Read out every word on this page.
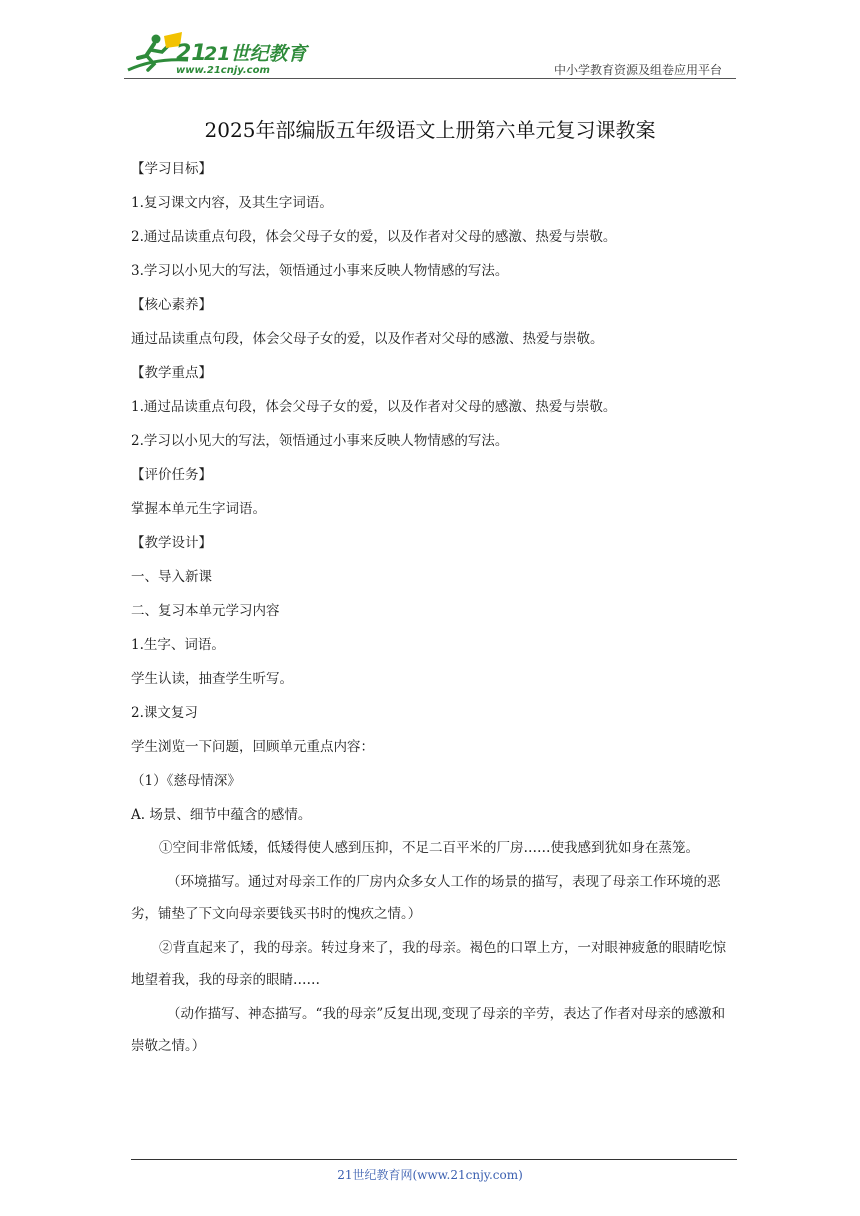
21
21世纪教育
www.21cnjy.com	中小学教育资源及组卷应用平台
2025年部编版五年级语文上册第六单元复习课教案

【学习目标】

1.复习课文内容，及其生字词语。

2.通过品读重点句段，体会父母子女的爱，以及作者对父母的感激、热爱与崇敬。

3.学习以小见大的写法，领悟通过小事来反映人物情感的写法。

【核心素养】

通过品读重点句段，体会父母子女的爱，以及作者对父母的感激、热爱与崇敬。

【教学重点】

1.通过品读重点句段，体会父母子女的爱，以及作者对父母的感激、热爱与崇敬。

2.学习以小见大的写法，领悟通过小事来反映人物情感的写法。

【评价任务】

掌握本单元生字词语。

【教学设计】

一、导入新课

二、复习本单元学习内容

1.生字、词语。

学生认读，抽查学生听写。

2.课文复习

学生浏览一下问题，回顾单元重点内容：

（1）《慈母情深》

A. 场景、细节中蕴含的感情。

①空间非常低矮，低矮得使人感到压抑，不足二百平米的厂房……使我感到犹如身在蒸笼。

（环境描写。通过对母亲工作的厂房内众多女人工作的场景的描写，表现了母亲工作环境的恶劣，铺垫了下文向母亲要钱买书时的愧疚之情。）

②背直起来了，我的母亲。转过身来了，我的母亲。褐色的口罩上方，一对眼神疲惫的眼睛吃惊地望着我，我的母亲的眼睛……

（动作描写、神态描写。“我的母亲”反复出现,变现了母亲的辛劳，表达了作者对母亲的感激和崇敬之情。）

21世纪教育网(www.21cnjy.com)
